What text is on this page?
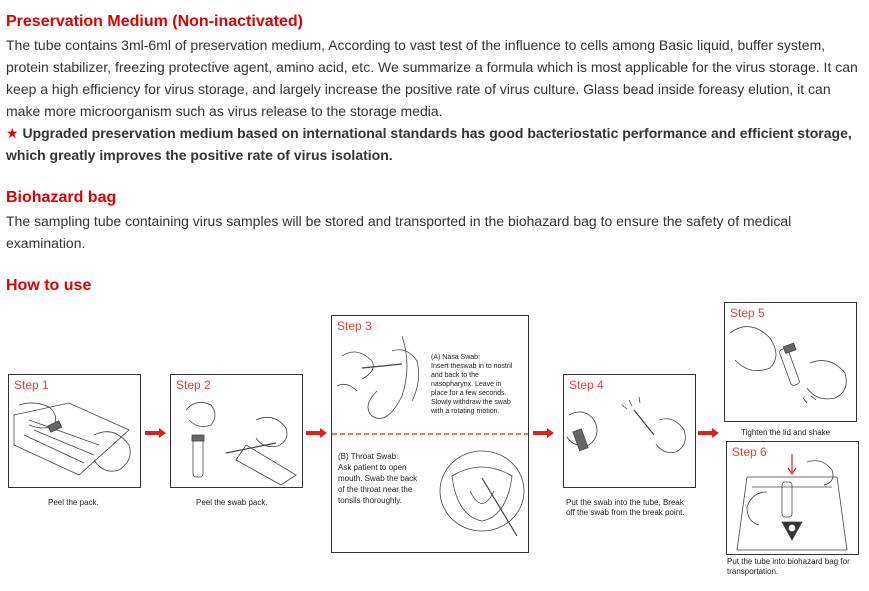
Preservation Medium (Non-inactivated)

The tube contains 3ml-6ml of preservation medium, According to vast test of the influence to cells among Basic liquid, buffer system, protein stabilizer, freezing protective agent, amino acid, etc. We summarize a formula which is most applicable for the virus storage. It can keep a high efficiency for virus storage, and largely increase the positive rate of virus culture. Glass bead inside foreasy elution, it can make more microorganism such as virus release to the storage media.

★ Upgraded preservation medium based on international standards has good bacteriostatic performance and efficient storage, which greatly improves the positive rate of virus isolation.

Biohazard bag

The sampling tube containing virus samples will be stored and transported in the biohazard bag to ensure the safety of medical examination.

How to use
Step 1
Peel the pack.
Step 2
Peel the swab pack.
Step 3
(A) Nasa Swab:
Insert theswab in to nostril
and back to the
nasopharynx. Leave in
place for a few seconds.
Slowly withdraw the swab
with a rotating motion.
(B) Throat Swab:
Ask patient to open
mouth. Swab the back
of the throat near the
tonsils thoroughly.
Step 4
Put the swab into the tube, Break
off the swab from the break point.
Step 5
Tighten the lid and shake
Step 6
Put the tube into biohazard bag for
transportation.
